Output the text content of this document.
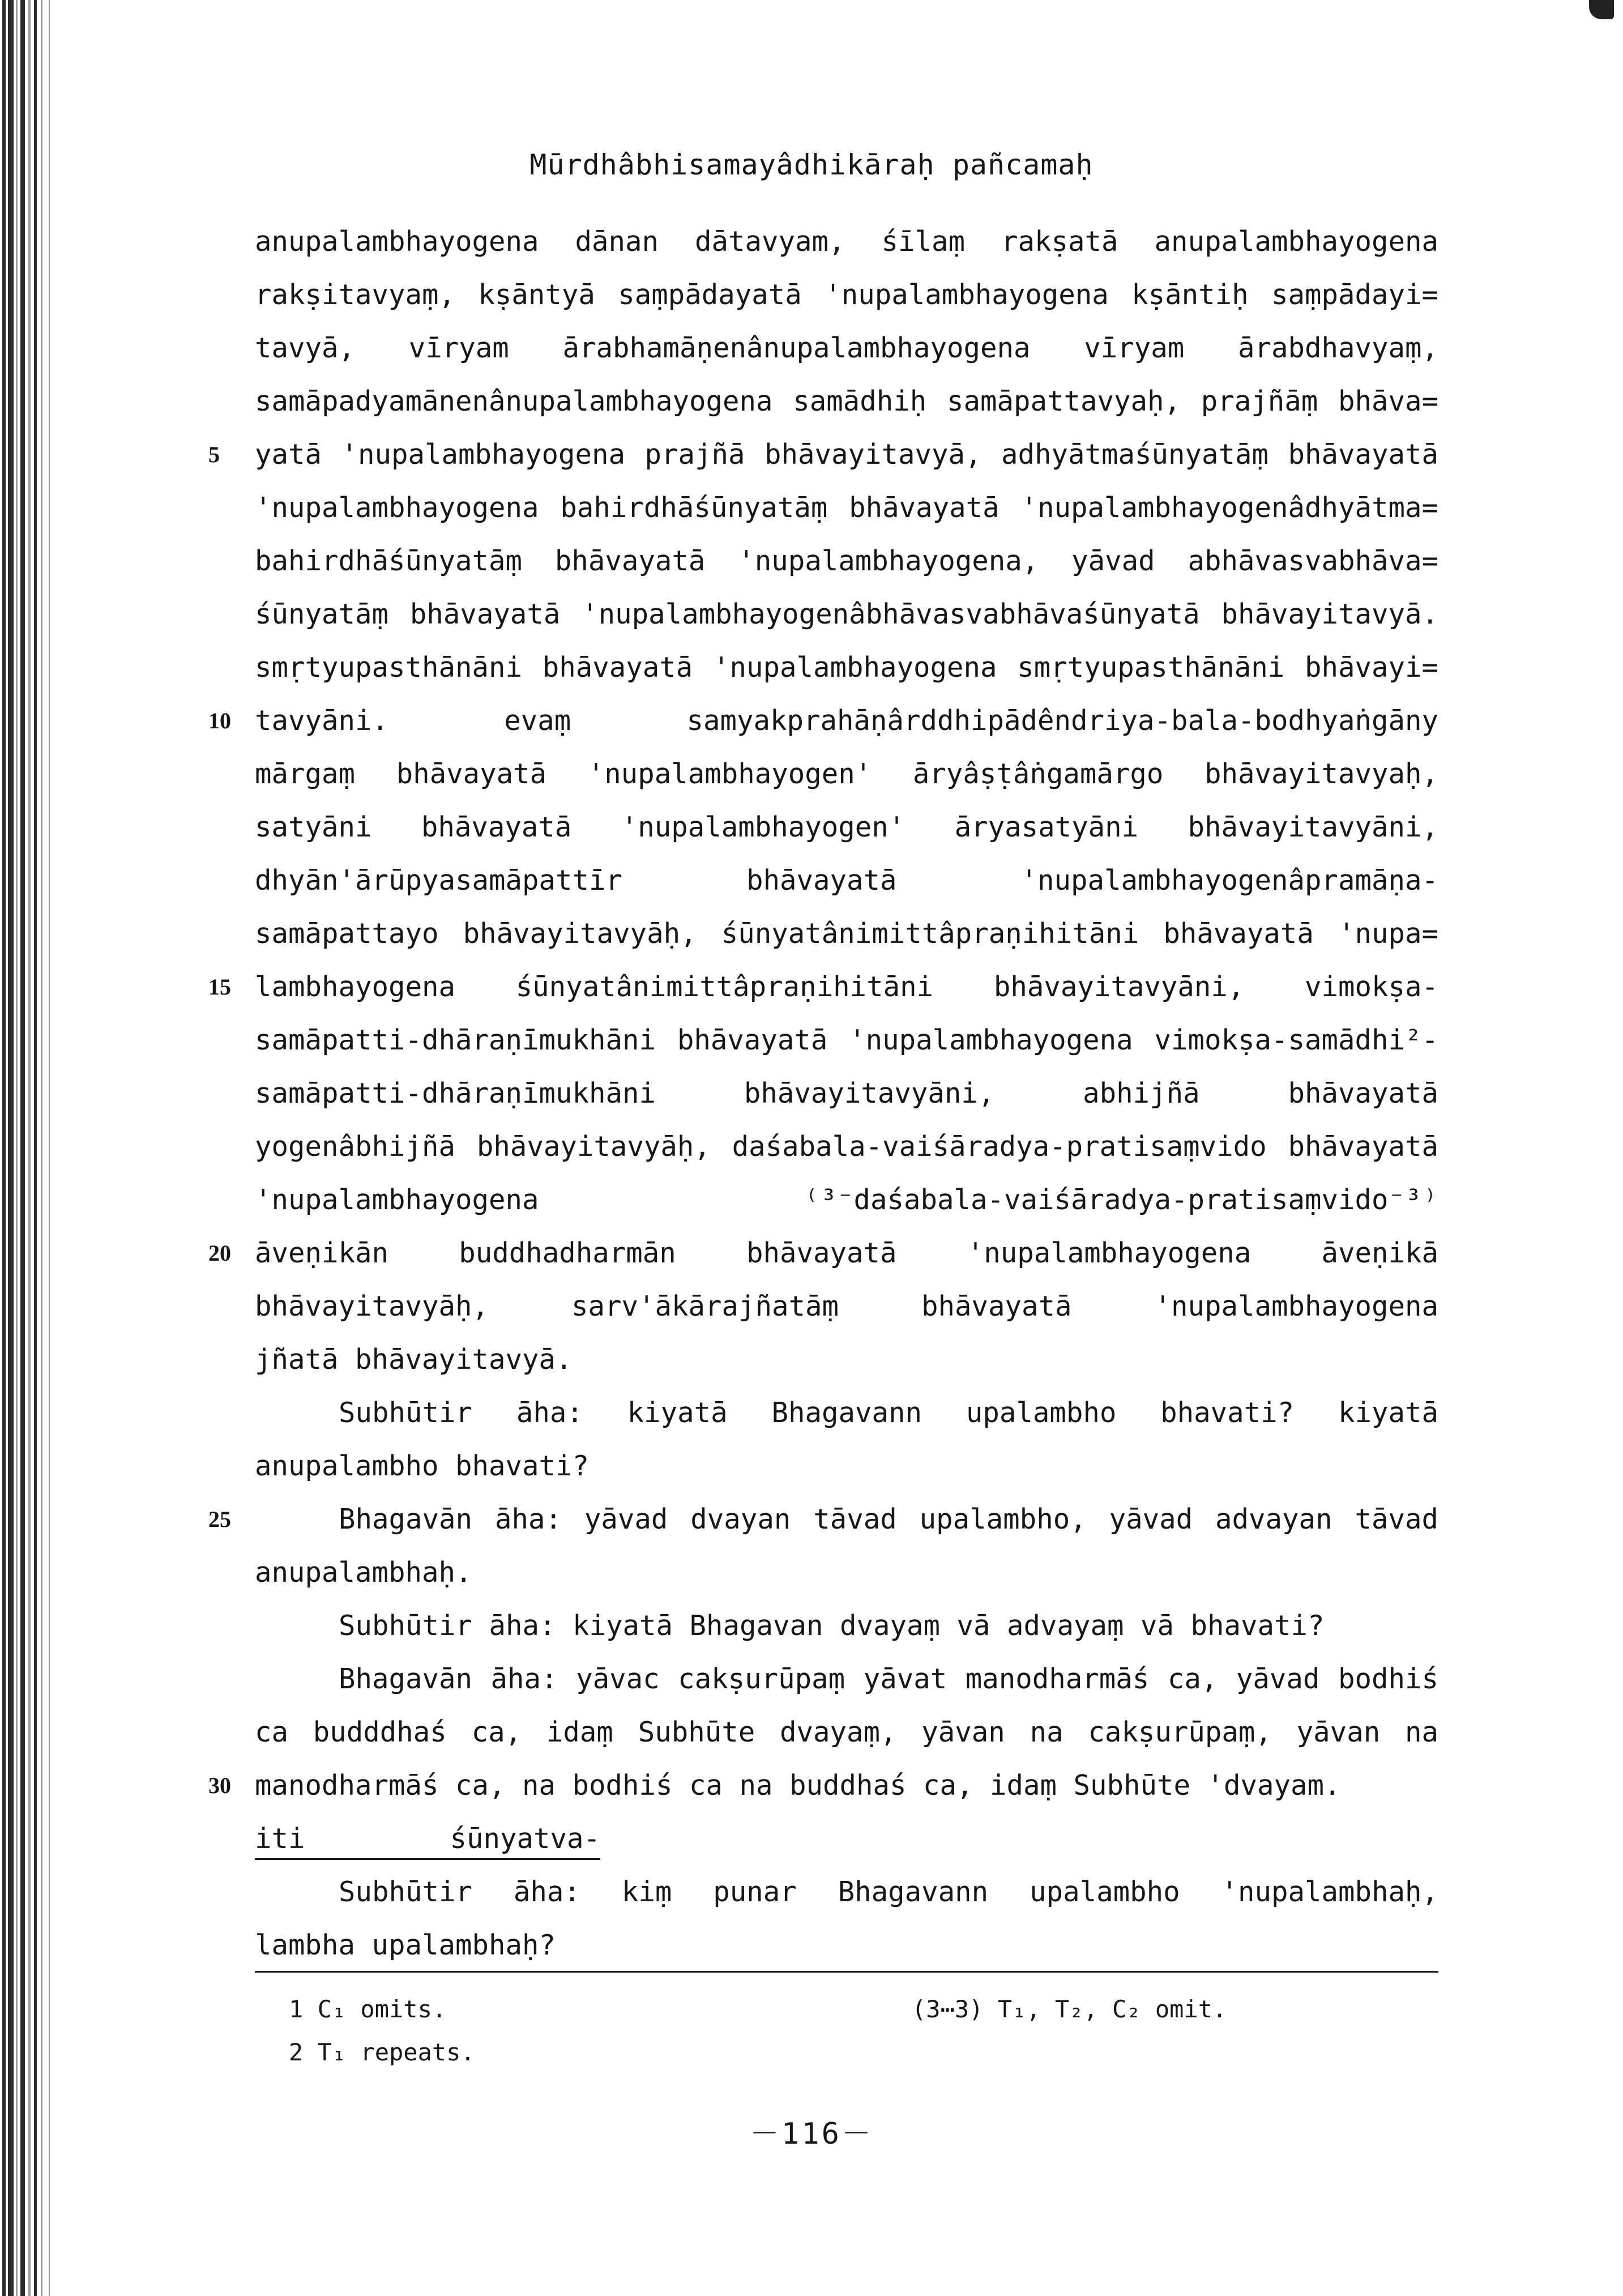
Mūrdhâbhisamayâdhikāraḥ pañcamaḥ
anupalambhayogena dānan dātavyam, śīlaṃ rakṣatā anupalambhayogena
rakṣitavyaṃ, kṣāntyā saṃpādayatā 'nupalambhayogena kṣāntiḥ saṃpādayi=
tavyā, vīryam ārabhamāṇenânupalambhayogena vīryam ārabdhavyaṃ,
samāpadyamānenânupalambhayogena samādhiḥ samāpattavyaḥ, prajñāṃ bhāva=
5	yatā 'nupalambhayogena prajñā bhāvayitavyā, adhyātmaśūnyatāṃ bhāvayatā
'nupalambhayogena bahirdhāśūnyatāṃ bhāvayatā 'nupalambhayogenâdhyātma=
bahirdhāśūnyatāṃ bhāvayatā 'nupalambhayogena, yāvad abhāvasvabhāva=
śūnyatāṃ bhāvayatā 'nupalambhayogenâbhāvasvabhāvaśūnyatā bhāvayitavyā.
smṛtyupasthānāni bhāvayatā 'nupalambhayogena smṛtyupasthānāni bhāvayi=
10 tavyāni. evaṃ samyakprahāṇârddhipādêndriya-bala-bodhyaṅgāny
mārgaṃ bhāvayatā 'nupalambhayogen' āryâṣṭâṅgamārgo bhāvayitavyaḥ,
satyāni bhāvayatā 'nupalambhayogen' āryasatyāni bhāvayitavyāni,
dhyān'ārūpyasamāpattīr bhāvayatā 'nupalambhayogenâpramāṇa-
samāpattayo bhāvayitavyāḥ, śūnyatânimittâpraṇihitāni bhāvayatā 'nupa=
15 lambhayogena śūnyatânimittâpraṇihitāni bhāvayitavyāni, vimokṣa-
samāpatti-dhāraṇīmukhāni bhāvayatā 'nupalambhayogena vimokṣa-samādhi²-
samāpatti-dhāraṇīmukhāni bhāvayitavyāni, abhijñā bhāvayatā
yogenâbhijñā bhāvayitavyāḥ, daśabala-vaiśāradya-pratisaṃvido bhāvayatā
'nupalambhayogena ⁽³⁻daśabala-vaiśāradya-pratisaṃvido⁻³⁾
20 āveṇikān buddhadharmān bhāvayatā 'nupalambhayogena āveṇikā
bhāvayitavyāḥ, sarv'ākārajñatāṃ bhāvayatā 'nupalambhayogena
jñatā bhāvayitavyā.
Subhūtir āha: kiyatā Bhagavann upalambho bhavati? kiyatā
anupalambho bhavati?
25	Bhagavān āha: yāvad dvayan tāvad upalambho, yāvad advayan tāvad
anupalambhaḥ.
Subhūtir āha: kiyatā Bhagavan dvayaṃ vā advayaṃ vā bhavati?
Bhagavān āha: yāvac cakṣurūpaṃ yāvat manodharmāś ca, yāvad bodhiś
ca budddhaś ca, idaṃ Subhūte dvayaṃ, yāvan na cakṣurūpaṃ, yāvan na
30 manodharmāś ca, na bodhiś ca na buddhaś ca, idaṃ Subhūte 'dvayam.
iti śūnyatva-
Subhūtir āha: kiṃ punar Bhagavann upalambho 'nupalambhaḥ,
lambha upalambhaḥ?
1 C₁ omits.	(3⋯3) T₁, T₂, C₂ omit.
2 T₁ repeats.
－116－
